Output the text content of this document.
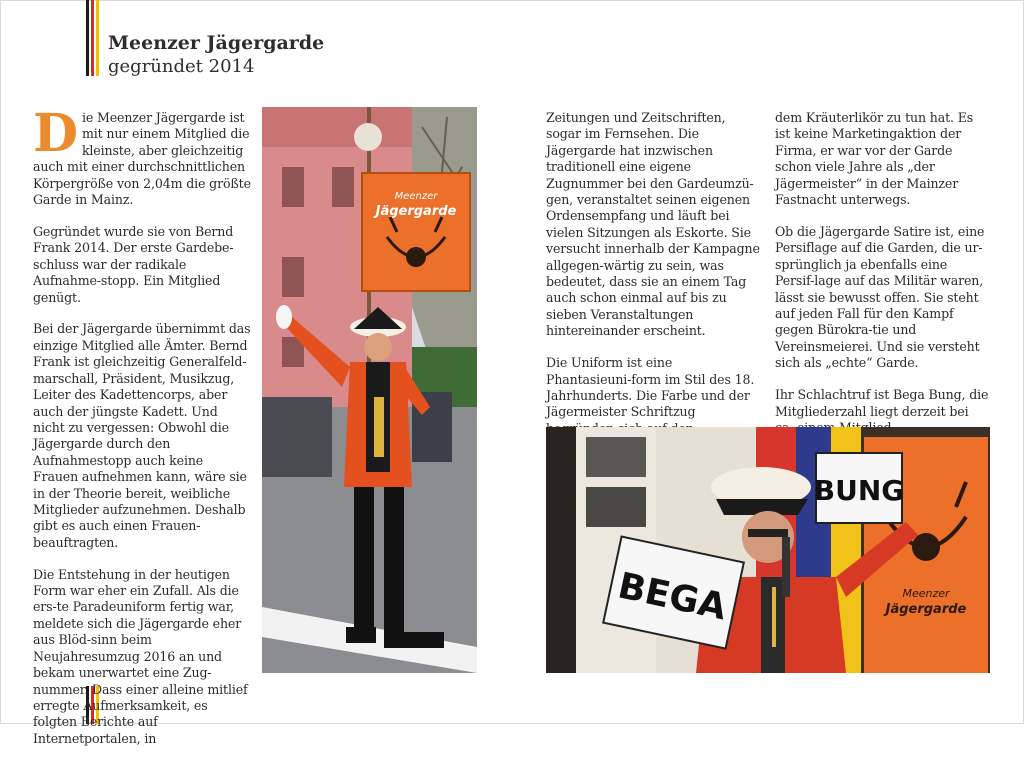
Meenzer Jägergarde
gegründet 2014

Die Meenzer Jägergarde ist mit nur einem Mitglied die kleinste, aber gleichzeitig auch mit einer durchschnittlichen Körpergröße von 2,04m die größte Garde in Mainz.

Gegründet wurde sie von Bernd Frank 2014. Der erste Gardebe-schluss war der radikale Aufnahme-stopp. Ein Mitglied genügt.

Bei der Jägergarde übernimmt das einzige Mitglied alle Ämter. Bernd Frank ist gleichzeitig Generalfeld-marschall, Präsident, Musikzug, Leiter des Kadettencorps, aber auch der jüngste Kadett. Und nicht zu vergessen: Obwohl die Jägergarde durch den Aufnahmestopp auch keine Frauen aufnehmen kann, wäre sie in der Theorie bereit, weibliche Mitglieder aufzunehmen. Deshalb gibt es auch einen Frauen-beauftragten.

Die Entstehung in der heutigen Form war eher ein Zufall. Als die ers-te Paradeuniform fertig war, meldete sich die Jägergarde eher aus Blöd-sinn beim Neujahresumzug 2016 an und bekam unerwartet eine Zug-nummer. Dass einer alleine mitlief erregte Aufmerksamkeit, es folgten Berichte auf Internetportalen, in

Meenzer
Jägergarde

Zeitungen und Zeitschriften, sogar im Fernsehen. Die Jägergarde hat inzwischen traditionell eine eigene Zugnummer bei den Gardeumzü-gen, veranstaltet seinen eigenen Ordensempfang und läuft bei vielen Sitzungen als Eskorte. Sie versucht innerhalb der Kampagne allgegen-wärtig zu sein, was bedeutet, dass sie an einem Tag auch schon einmal auf bis zu sieben Veranstaltungen hintereinander erscheint.

Die Uniform ist eine Phantasieuni-form im Stil des 18. Jahrhunderts. Die Farbe und der Jägermeister Schriftzug

dem Kräuterlikör zu tun hat. Es ist keine Marketingaktion der Firma, er war vor der Garde schon viele Jahre als „der Jägermeister“ in der Mainzer Fastnacht unterwegs.

Ob die Jägergarde Satire ist, eine Persiflage auf die Garden, die ur-sprünglich ja ebenfalls eine Persif-lage auf das Militär waren, lässt sie bewusst offen. Sie steht auf jeden Fall für den Kampf gegen Bürokra-tie und Vereinsmeierei. Und sie versteht sich als „echte“ Garde.

Ihr Schlachtruf ist Bega Bung, die Mitgliederzahl liegt derzeit bei

Meenzer
Jägergarde
BEGA
BUNG
